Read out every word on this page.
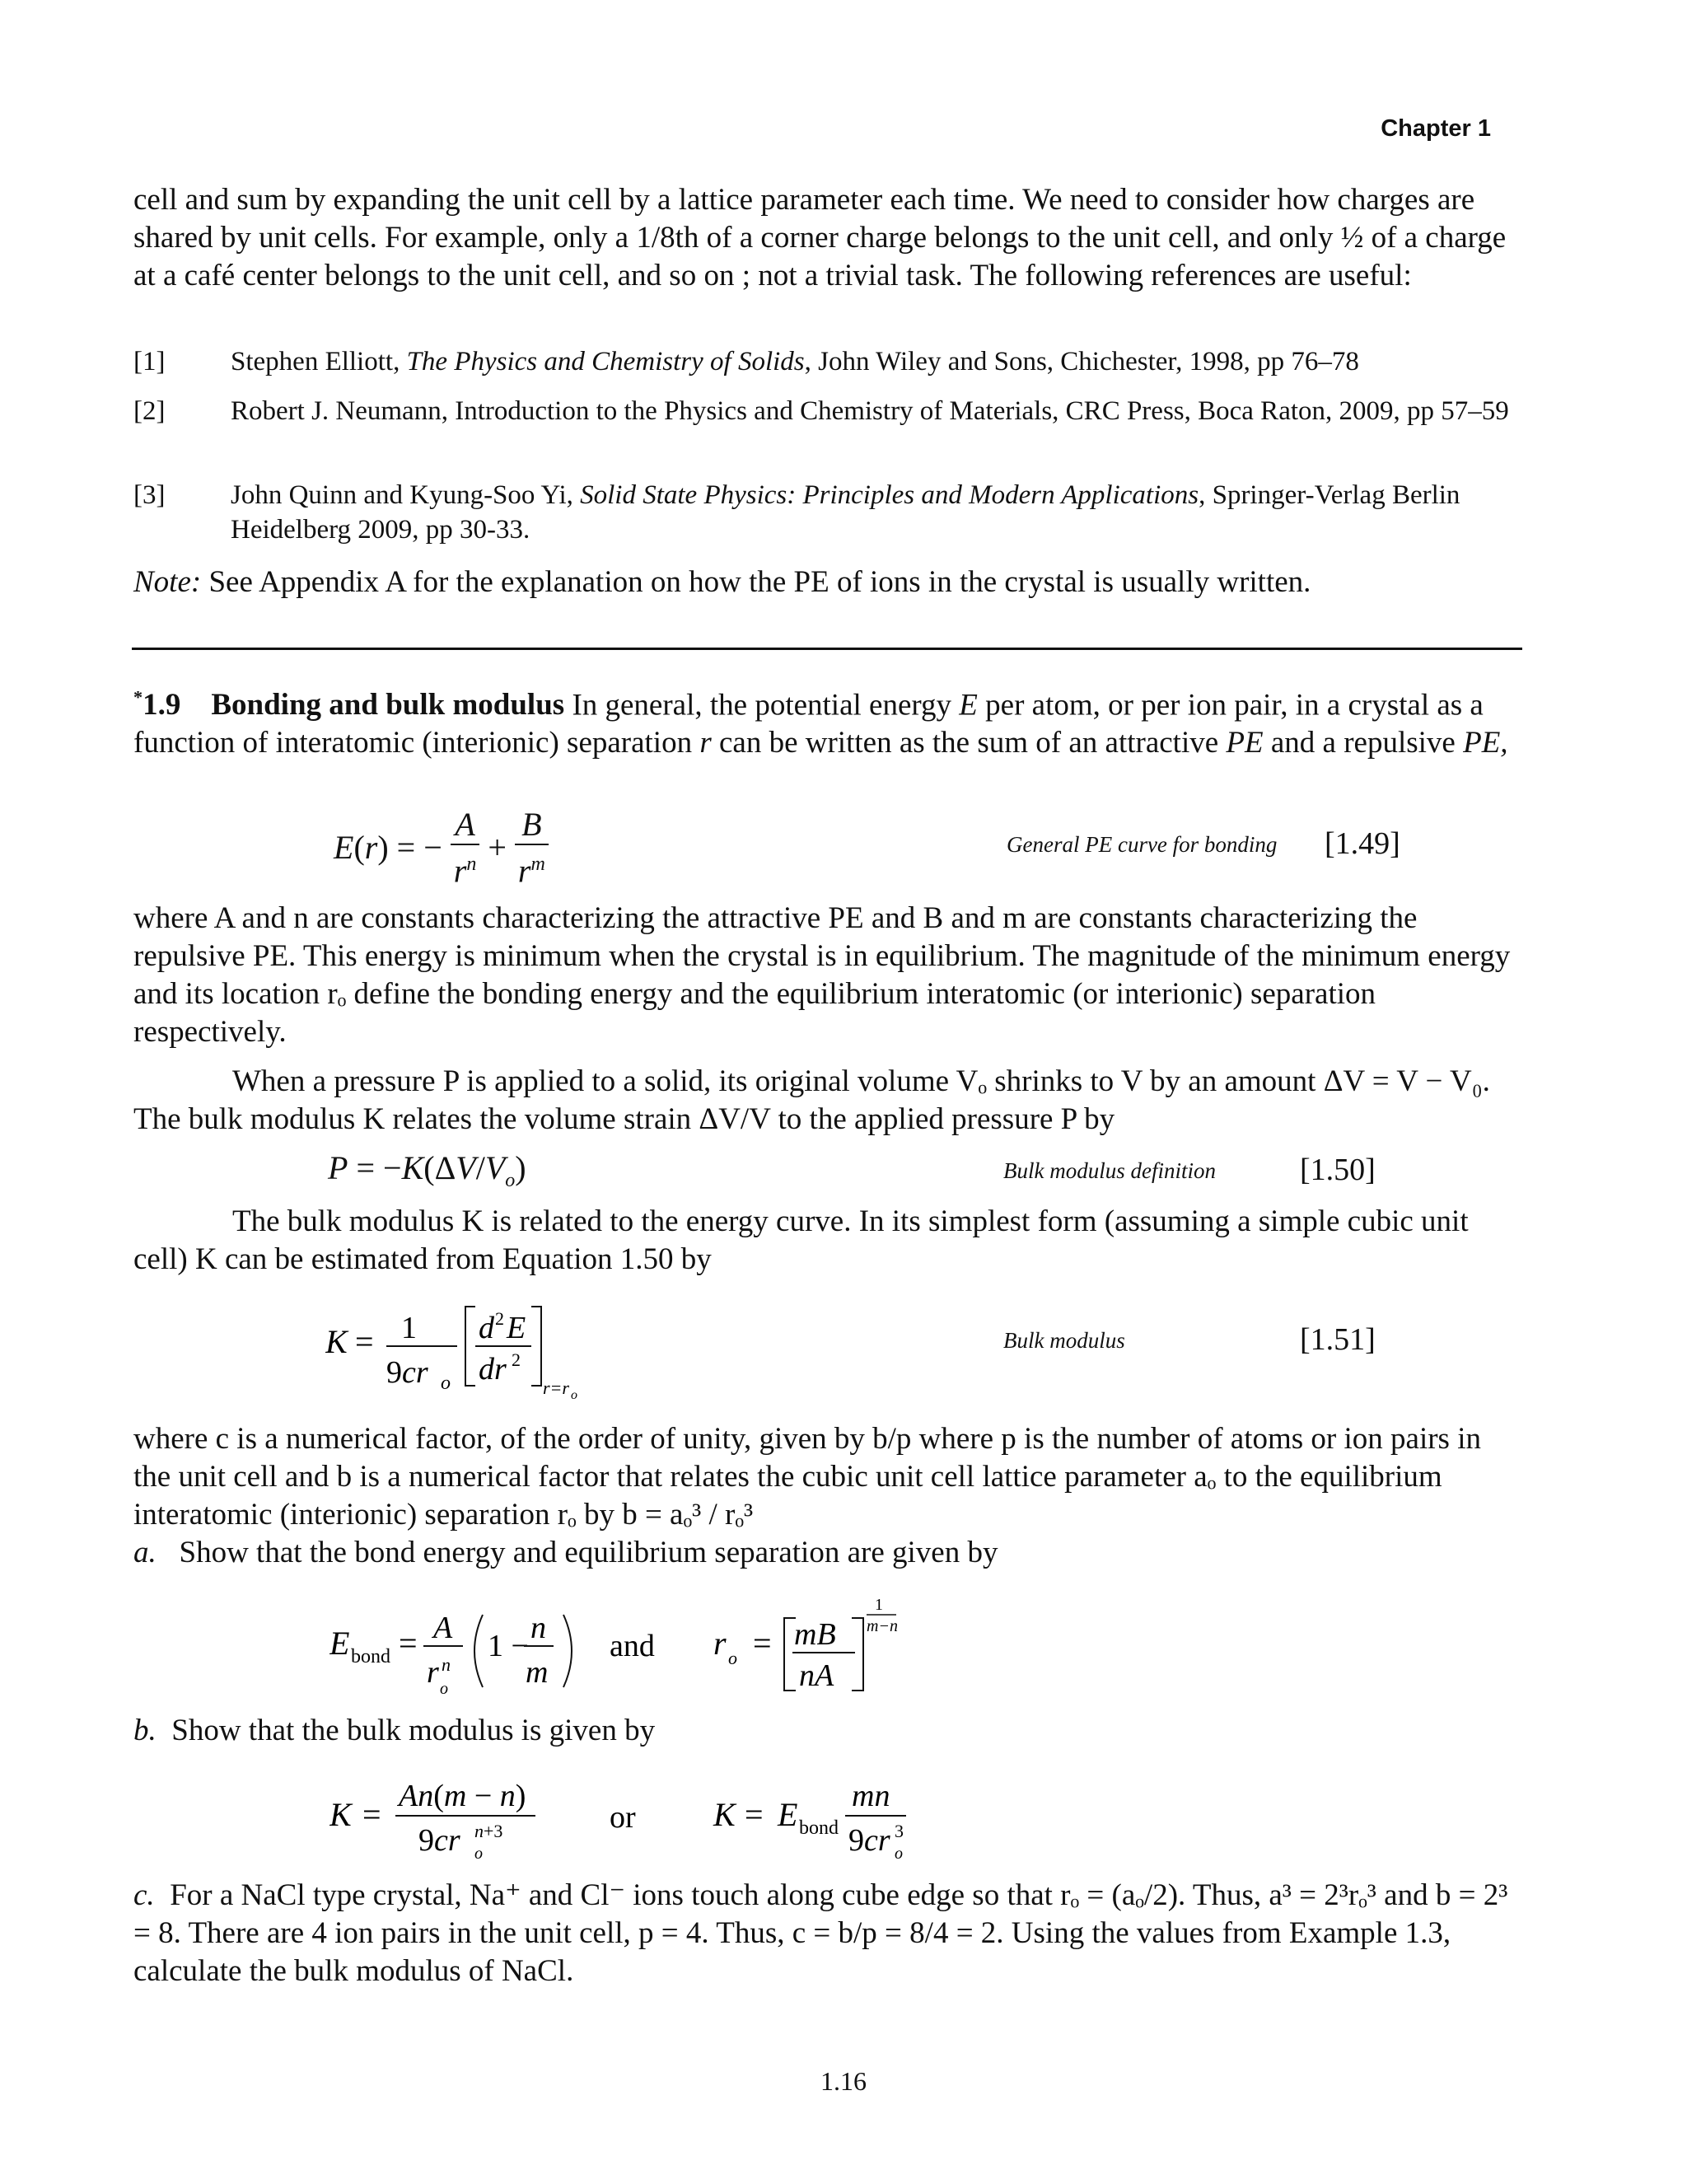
Chapter 1
cell and sum by expanding the unit cell by a lattice parameter each time. We need to consider how charges are shared by unit cells. For example, only a 1/8th of a corner charge belongs to the unit cell, and only ½ of a charge at a café center belongs to the unit cell, and so on ; not a trivial task. The following references are useful:
[1] Stephen Elliott, The Physics and Chemistry of Solids, John Wiley and Sons, Chichester, 1998, pp 76–78
[2] Robert J. Neumann, Introduction to the Physics and Chemistry of Materials, CRC Press, Boca Raton, 2009, pp 57–59
[3] John Quinn and Kyung-Soo Yi, Solid State Physics: Principles and Modern Applications, Springer-Verlag Berlin Heidelberg 2009, pp 30-33.
Note: See Appendix A for the explanation on how the PE of ions in the crystal is usually written.
*1.9 Bonding and bulk modulus In general, the potential energy E per atom, or per ion pair, in a crystal as a function of interatomic (interionic) separation r can be written as the sum of an attractive PE and a repulsive PE,
E(r) = − $\frac{A}{r^n} + \frac{B}{r^m}$	General PE curve for bonding [1.49]
where A and n are constants characterizing the attractive PE and B and m are constants characterizing the repulsive PE. This energy is minimum when the crystal is in equilibrium. The magnitude of the minimum energy and its location rₒ define the bonding energy and the equilibrium interatomic (or interionic) separation respectively.
When a pressure P is applied to a solid, its original volume Vₒ shrinks to V by an amount ΔV = V − V₀. The bulk modulus K relates the volume strain ΔV/V to the applied pressure P by
$P = -K(\Delta V/V_o)$	Bulk modulus definition	[1.50]
The bulk modulus K is related to the energy curve. In its simplest form (assuming a simple cubic unit cell) K can be estimated from Equation 1.50 by
K = 1
9cr o
d 2 E
dr 2
r=r o
Bulk modulus	[1.51]
where c is a numerical factor, of the order of unity, given by b/p where p is the number of atoms or ion pairs in the unit cell and b is a numerical factor that relates the cubic unit cell lattice parameter aₒ to the equilibrium interatomic (interionic) separation rₒ by b = aₒ³ / rₒ³
a. Show that the bond energy and equilibrium separation are given by
E bond = A
r n
o
1 −
n
m
and r o = mB
nA
1
m−n
b. Show that the bulk modulus is given by
K = An(m − n)
9cr n+3
o
or K = E bond
mn
9cr 3
o
c. For a NaCl type crystal, Na⁺ and Cl⁻ ions touch along cube edge so that rₒ = (aₒ/2). Thus, a³ = 2³rₒ³ and b = 2³ = 8. There are 4 ion pairs in the unit cell, p = 4. Thus, c = b/p = 8/4 = 2. Using the values from Example 1.3, calculate the bulk modulus of NaCl.
1.16
